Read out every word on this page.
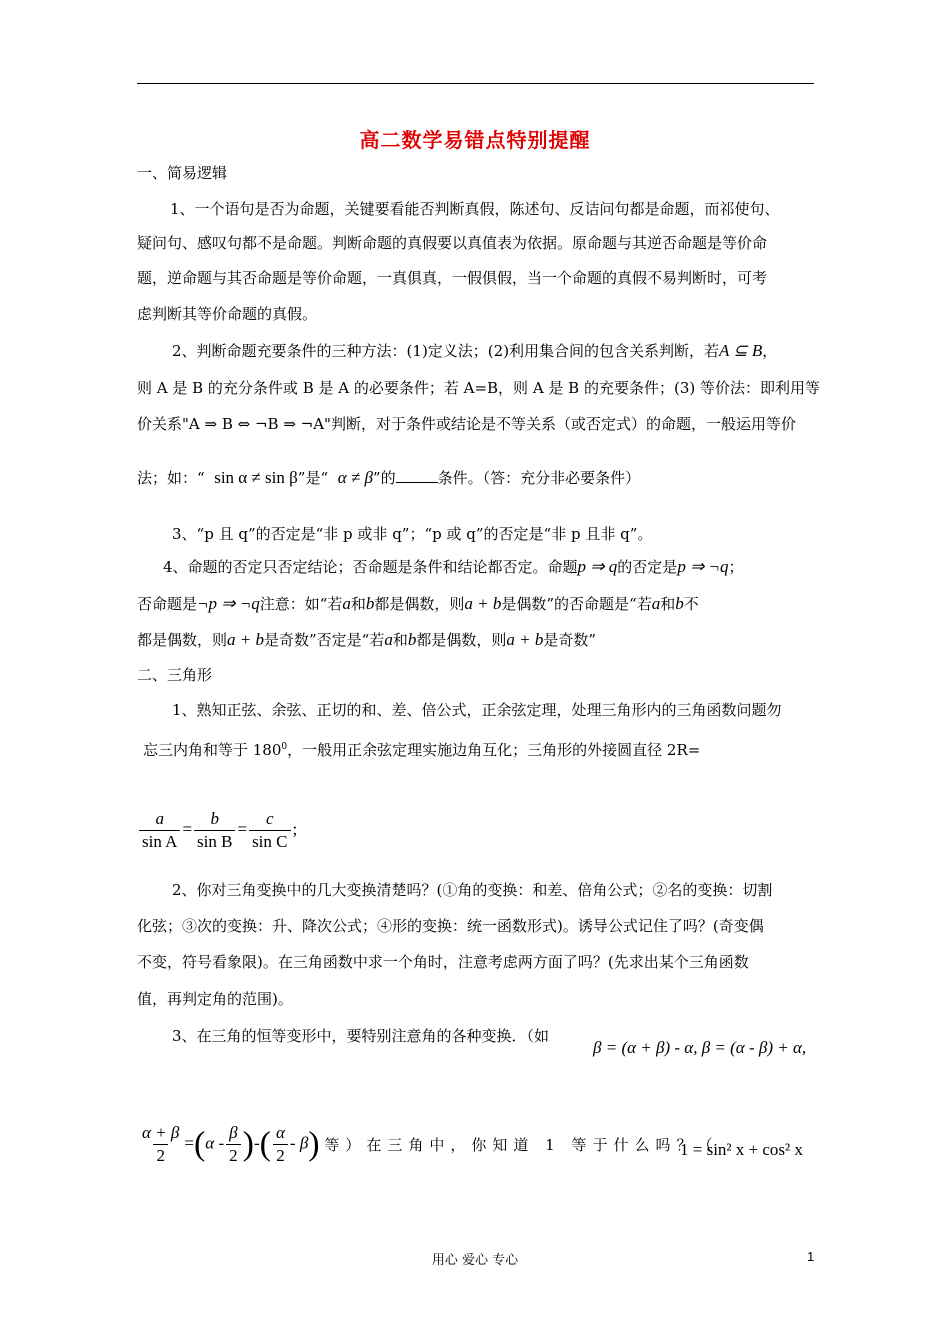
高二数学易错点特别提醒
一、简易逻辑
1、一个语句是否为命题，关键要看能否判断真假，陈述句、反诘问句都是命题，而祁使句、
疑问句、感叹句都不是命题。判断命题的真假要以真值表为依据。原命题与其逆否命题是等价命
题，逆命题与其否命题是等价命题，一真俱真，一假俱假，当一个命题的真假不易判断时，可考
虑判断其等价命题的真假。
2、判断命题充要条件的三种方法：(1)定义法；(2)利用集合间的包含关系判断，若A ⊆ B，
则 A 是 B 的充分条件或 B 是 A 的必要条件；若 A=B，则 A 是 B 的充要条件；(3) 等价法：即利用等
价关系"A ⇒ B ⇔ ¬B ⇒ ¬A"判断，对于条件或结论是不等关系（或否定式）的命题，一般运用等价
法；如：“ sin α ≠ sin β”是“ α ≠ β”的	条件。（答：充分非必要条件）
3、“p 且 q”的否定是“非 p 或非 q”；“p 或 q”的否定是“非 p 且非 q”。
4、命题的否定只否定结论；否命题是条件和结论都否定。命题p ⇒ q的否定是p ⇒ ¬q；
否命题是¬p ⇒ ¬q注意：如“若a和b都是偶数，则a + b是偶数”的否命题是“若a和b不
都是偶数，则a + b是奇数”否定是“若a和b都是偶数，则a + b是奇数”
二、三角形
1、熟知正弦、余弦、正切的和、差、倍公式，正余弦定理，处理三角形内的三角函数问题勿
忘三内角和等于 $180^0$，一般用正余弦定理实施边角互化；三角形的外接圆直径 2R=
$\frac{a}{\text{sin A}} = \frac{b}{\text{sin B}} = \frac{c}{\text{sin C}}$ ;
2、你对三角变换中的几大变换清楚吗？(①角的变换：和差、倍角公式；②名的变换：切割
化弦；③次的变换：升、降次公式；④形的变换：统一函数形式)。诱导公式记住了吗？(奇变偶
不变，符号看象限)。在三角函数中求一个角时，注意考虑两方面了吗？(先求出某个三角函数
值，再判定角的范围)。
3、在三角的恒等变形中，要特别注意角的各种变换．（如
β = (α + β) - α, β = (α - β) + α,
$\frac{\alpha + \beta}{2} =(\alpha - \frac{\beta}{2}$ )-( $\frac{\alpha}{2} - \beta$) 等）在三角中，你知道 1 等于什么吗？（
1 = sin² x + cos² x
用心 爱心 专心	1
